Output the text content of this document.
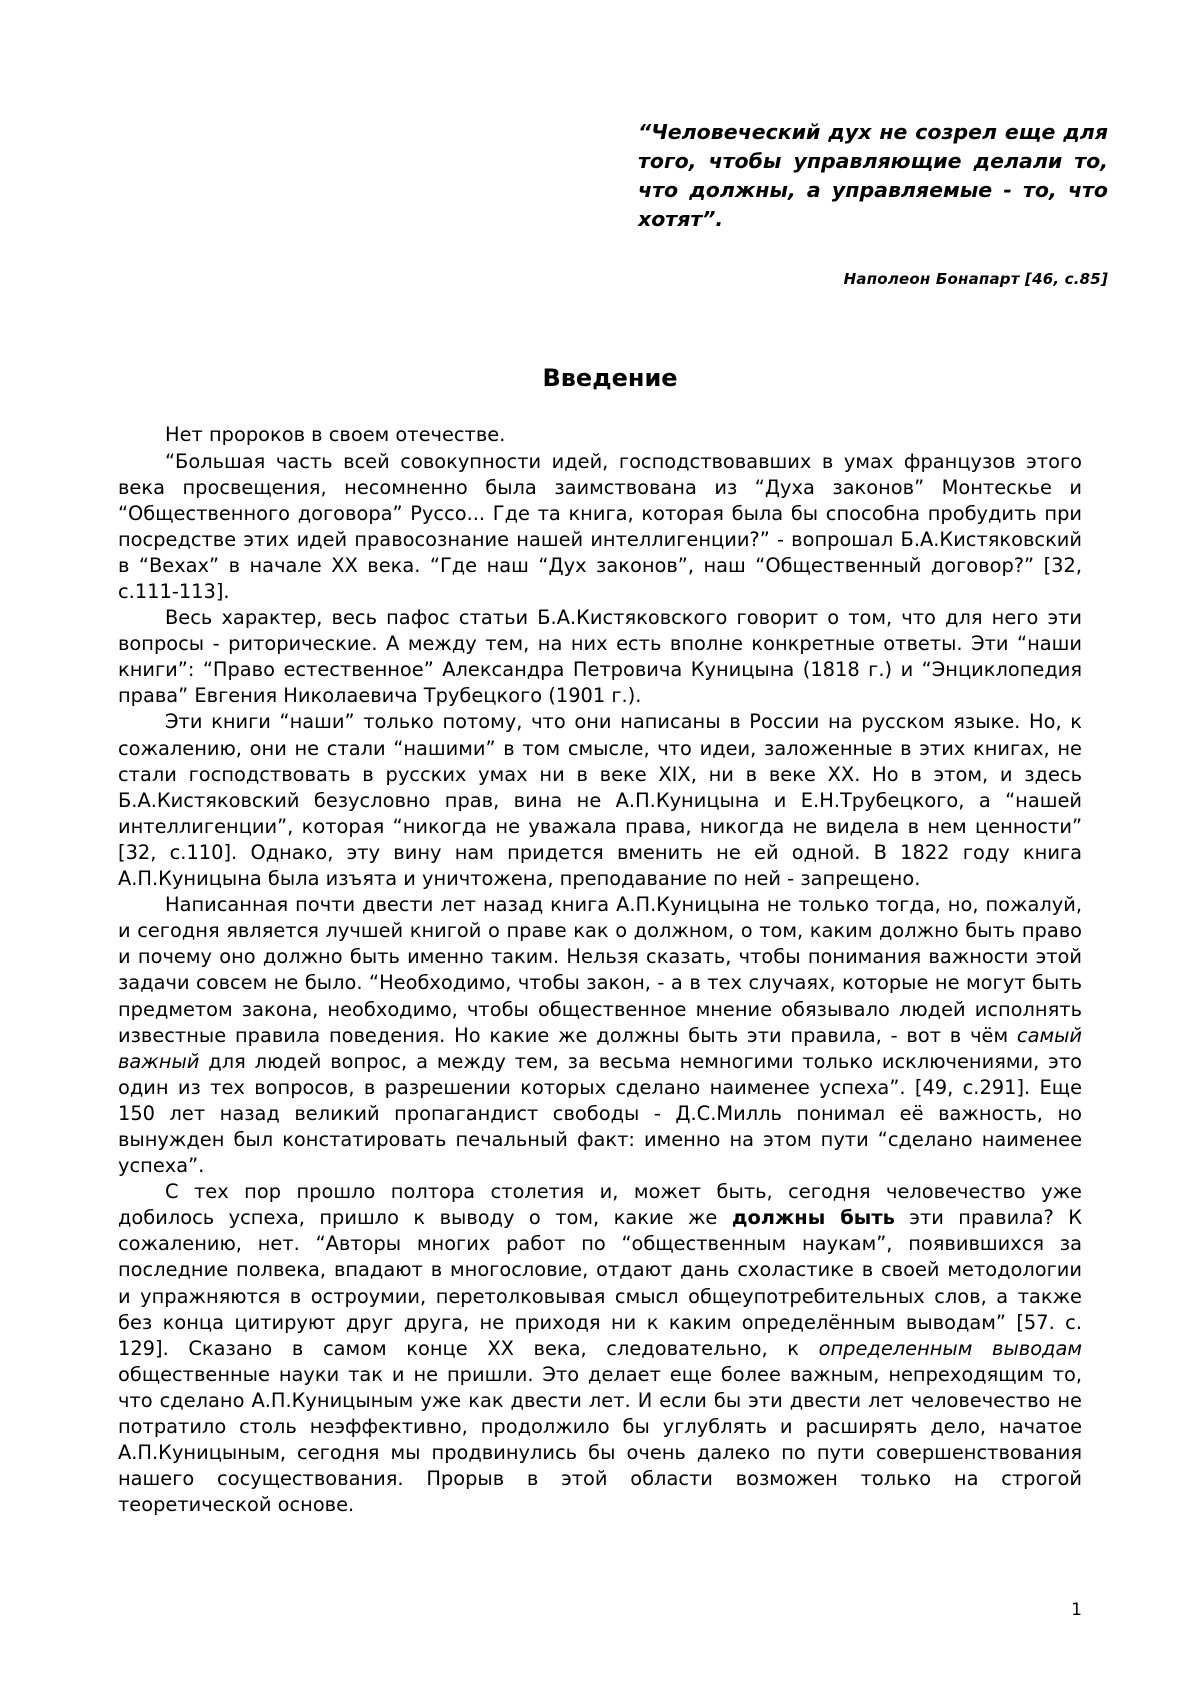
“Человеческий дух не созрел еще для того, чтобы управляющие делали то, что должны, а управляемые - то, что хотят”.
Наполеон Бонапарт [46, с.85]
Введение

Нет пророков в своем отечестве.

“Большая часть всей совокупности идей, господствовавших в умах французов этого века просвещения, несомненно была заимствована из “Духа законов” Монтескье и “Общественного договора” Руссо... Где та книга, которая была бы способна пробудить при посредстве этих идей правосознание нашей интеллигенции?” - вопрошал Б.А.Кистяковский в “Вехах” в начале XX века. “Где наш “Дух законов”, наш “Общественный договор?” [32, с.111-113].

Весь характер, весь пафос статьи Б.А.Кистяковского говорит о том, что для него эти вопросы - риторические. А между тем, на них есть вполне конкретные ответы. Эти “наши книги”: “Право естественное” Александра Петровича Куницына (1818 г.) и “Энциклопедия права” Евгения Николаевича Трубецкого (1901 г.).

Эти книги “наши” только потому, что они написаны в России на русском языке. Но, к сожалению, они не стали “нашими” в том смысле, что идеи, заложенные в этих книгах, не стали господствовать в русских умах ни в веке XIX, ни в веке XX. Но в этом, и здесь Б.А.Кистяковский безусловно прав, вина не А.П.Куницына и Е.Н.Трубецкого, а “нашей интеллигенции”, которая “никогда не уважала права, никогда не видела в нем ценности” [32, с.110]. Однако, эту вину нам придется вменить не ей одной. В 1822 году книга А.П.Куницына была изъята и уничтожена, преподавание по ней - запрещено.

Написанная почти двести лет назад книга А.П.Куницына не только тогда, но, пожалуй, и сегодня является лучшей книгой о праве как о должном, о том, каким должно быть право и почему оно должно быть именно таким. Нельзя сказать, чтобы понимания важности этой задачи совсем не было. “Необходимо, чтобы закон, - а в тех случаях, которые не могут быть предметом закона, необходимо, чтобы общественное мнение обязывало людей исполнять известные правила поведения. Но какие же должны быть эти правила, - вот в чём самый важный для людей вопрос, а между тем, за весьма немногими только исключениями, это один из тех вопросов, в разрешении которых сделано наименее успеха”. [49, с.291]. Еще 150 лет назад великий пропагандист свободы - Д.С.Милль понимал её важность, но вынужден был констатировать печальный факт: именно на этом пути “сделано наименее успеха”.

С тех пор прошло полтора столетия и, может быть, сегодня человечество уже добилось успеха, пришло к выводу о том, какие же должны быть эти правила? К сожалению, нет. “Авторы многих работ по “общественным наукам”, появившихся за последние полвека, впадают в многословие, отдают дань схоластике в своей методологии и упражняются в остроумии, перетолковывая смысл общеупотребительных слов, а также без конца цитируют друг друга, не приходя ни к каким определённым выводам” [57. с. 129]. Сказано в самом конце XX века, следовательно, к определенным выводам общественные науки так и не пришли. Это делает еще более важным, непреходящим то, что сделано А.П.Куницыным уже как двести лет. И если бы эти двести лет человечество не потратило столь неэффективно, продолжило бы углублять и расширять дело, начатое А.П.Куницыным, сегодня мы продвинулись бы очень далеко по пути совершенствования нашего сосуществования. Прорыв в этой области возможен только на строгой теоретической основе.

1
